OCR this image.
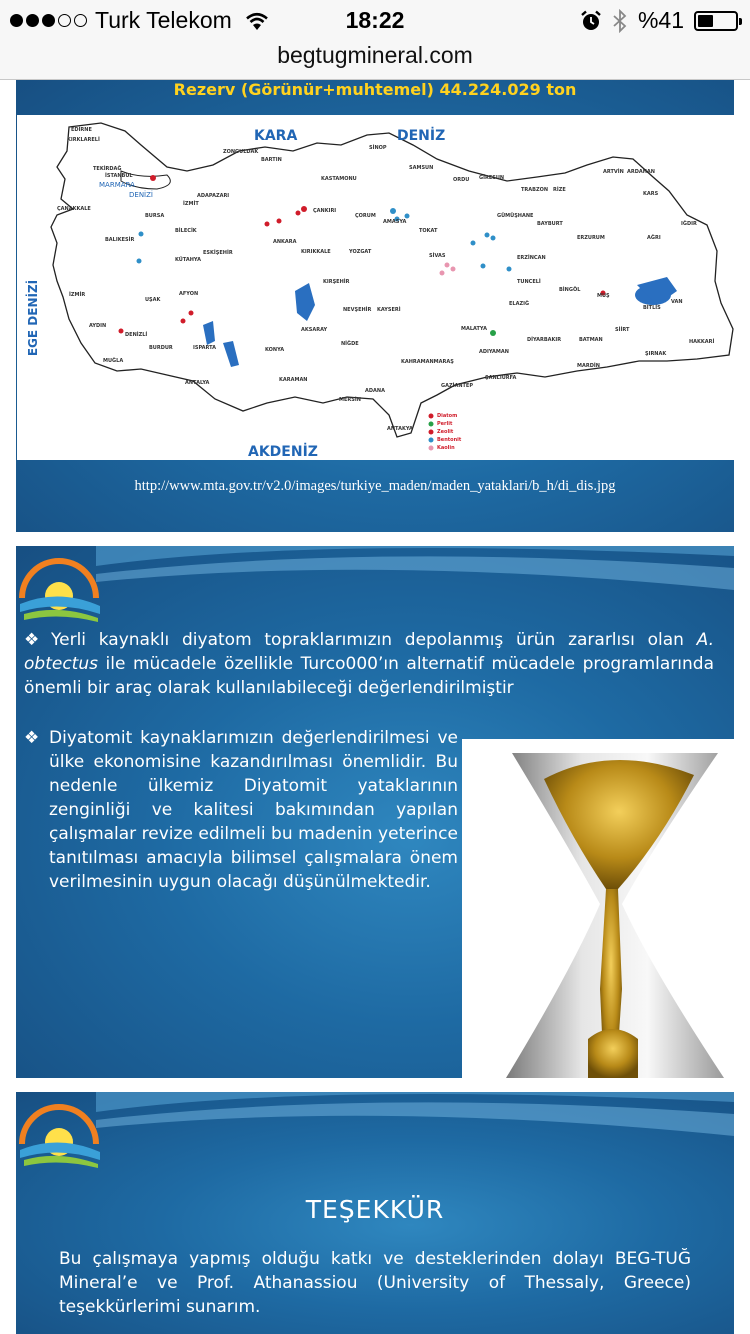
Turk Telekom	18:22	%41
begtugmineral.com
Rezerv (Görünür+muhtemel) 44.224.029 ton
EDİRNE
KIRKLARELİ
TEKİRDAĞ
İSTANBUL
ÇANAKKALE
BURSA
BALIKESİR
İZMİR
AYDIN
DENİZLİ
MUĞLA
ZONGULDAK
BARTIN
KASTAMONU
SİNOP
SAMSUN
ADAPAZARI
İZMİT
BİLECİK
ESKİŞEHİR
KÜTAHYA
UŞAK
AFYON
BURDUR	ISPARTA
ANTALYA
KONYA
KARAMAN
MERSİN
ADANA
ANTAKYA
ÇANKIRI
ANKARA
KIRIKKALE
ÇORUM
AMASYA
TOKAT
YOZGAT
KIRŞEHİR
NEVŞEHİR KAYSERİ
AKSARAY
NİĞDE
SİVAS
ORDU GİRESUN
TRABZON RİZE
ARTVİN ARDAHAN
KARS
IĞDIR
AĞRI
GÜMÜŞHANE
BAYBURT
ERZİNCAN
ERZURUM
TUNCELİ
BİNGÖL
MUŞ
ELAZIĞ
MALATYA
DİYARBAKIR	BATMAN
SİİRT
BİTLİS
VAN
HAKKARİ
ŞIRNAK
MARDİN
ŞANLIURFA
ADIYAMAN
KAHRAMANMARAŞ
GAZİANTEP
Diatom
Perlit
Zeolit
Bentonit
Kaolin
KARA	DENİZ
MARMARA
DENİZİ
EGE DENİZİ
AKDENİZ
http://www.mta.gov.tr/v2.0/images/turkiye_maden/maden_yataklari/b_h/di_dis.jpg
❖ Yerli kaynaklı diyatom topraklarımızın depolanmış ürün zararlısı olan A. obtectus ile mücadele özellikle Turco000’ın alternatif mücadele programlarında önemli bir araç olarak kullanılabileceği değerlendirilmiştir

❖ Diyatomit kaynaklarımızın değerlendirilmesi ve ülke ekonomisine kazandırılması önemlidir. Bu nedenle ülkemiz Diyatomit yataklarının zenginliği ve kalitesi bakımından yapılan çalışmalar revize edilmeli bu madenin yeterince tanıtılması amacıyla bilimsel çalışmalara önem verilmesinin uygun olacağı düşünülmektedir.

TEŞEKKÜR
Bu çalışmaya yapmış olduğu katkı ve desteklerinden dolayı BEG-TUĞ Mineral’e ve Prof. Athanassiou (University of Thessaly, Greece) teşekkürlerimi sunarım.
